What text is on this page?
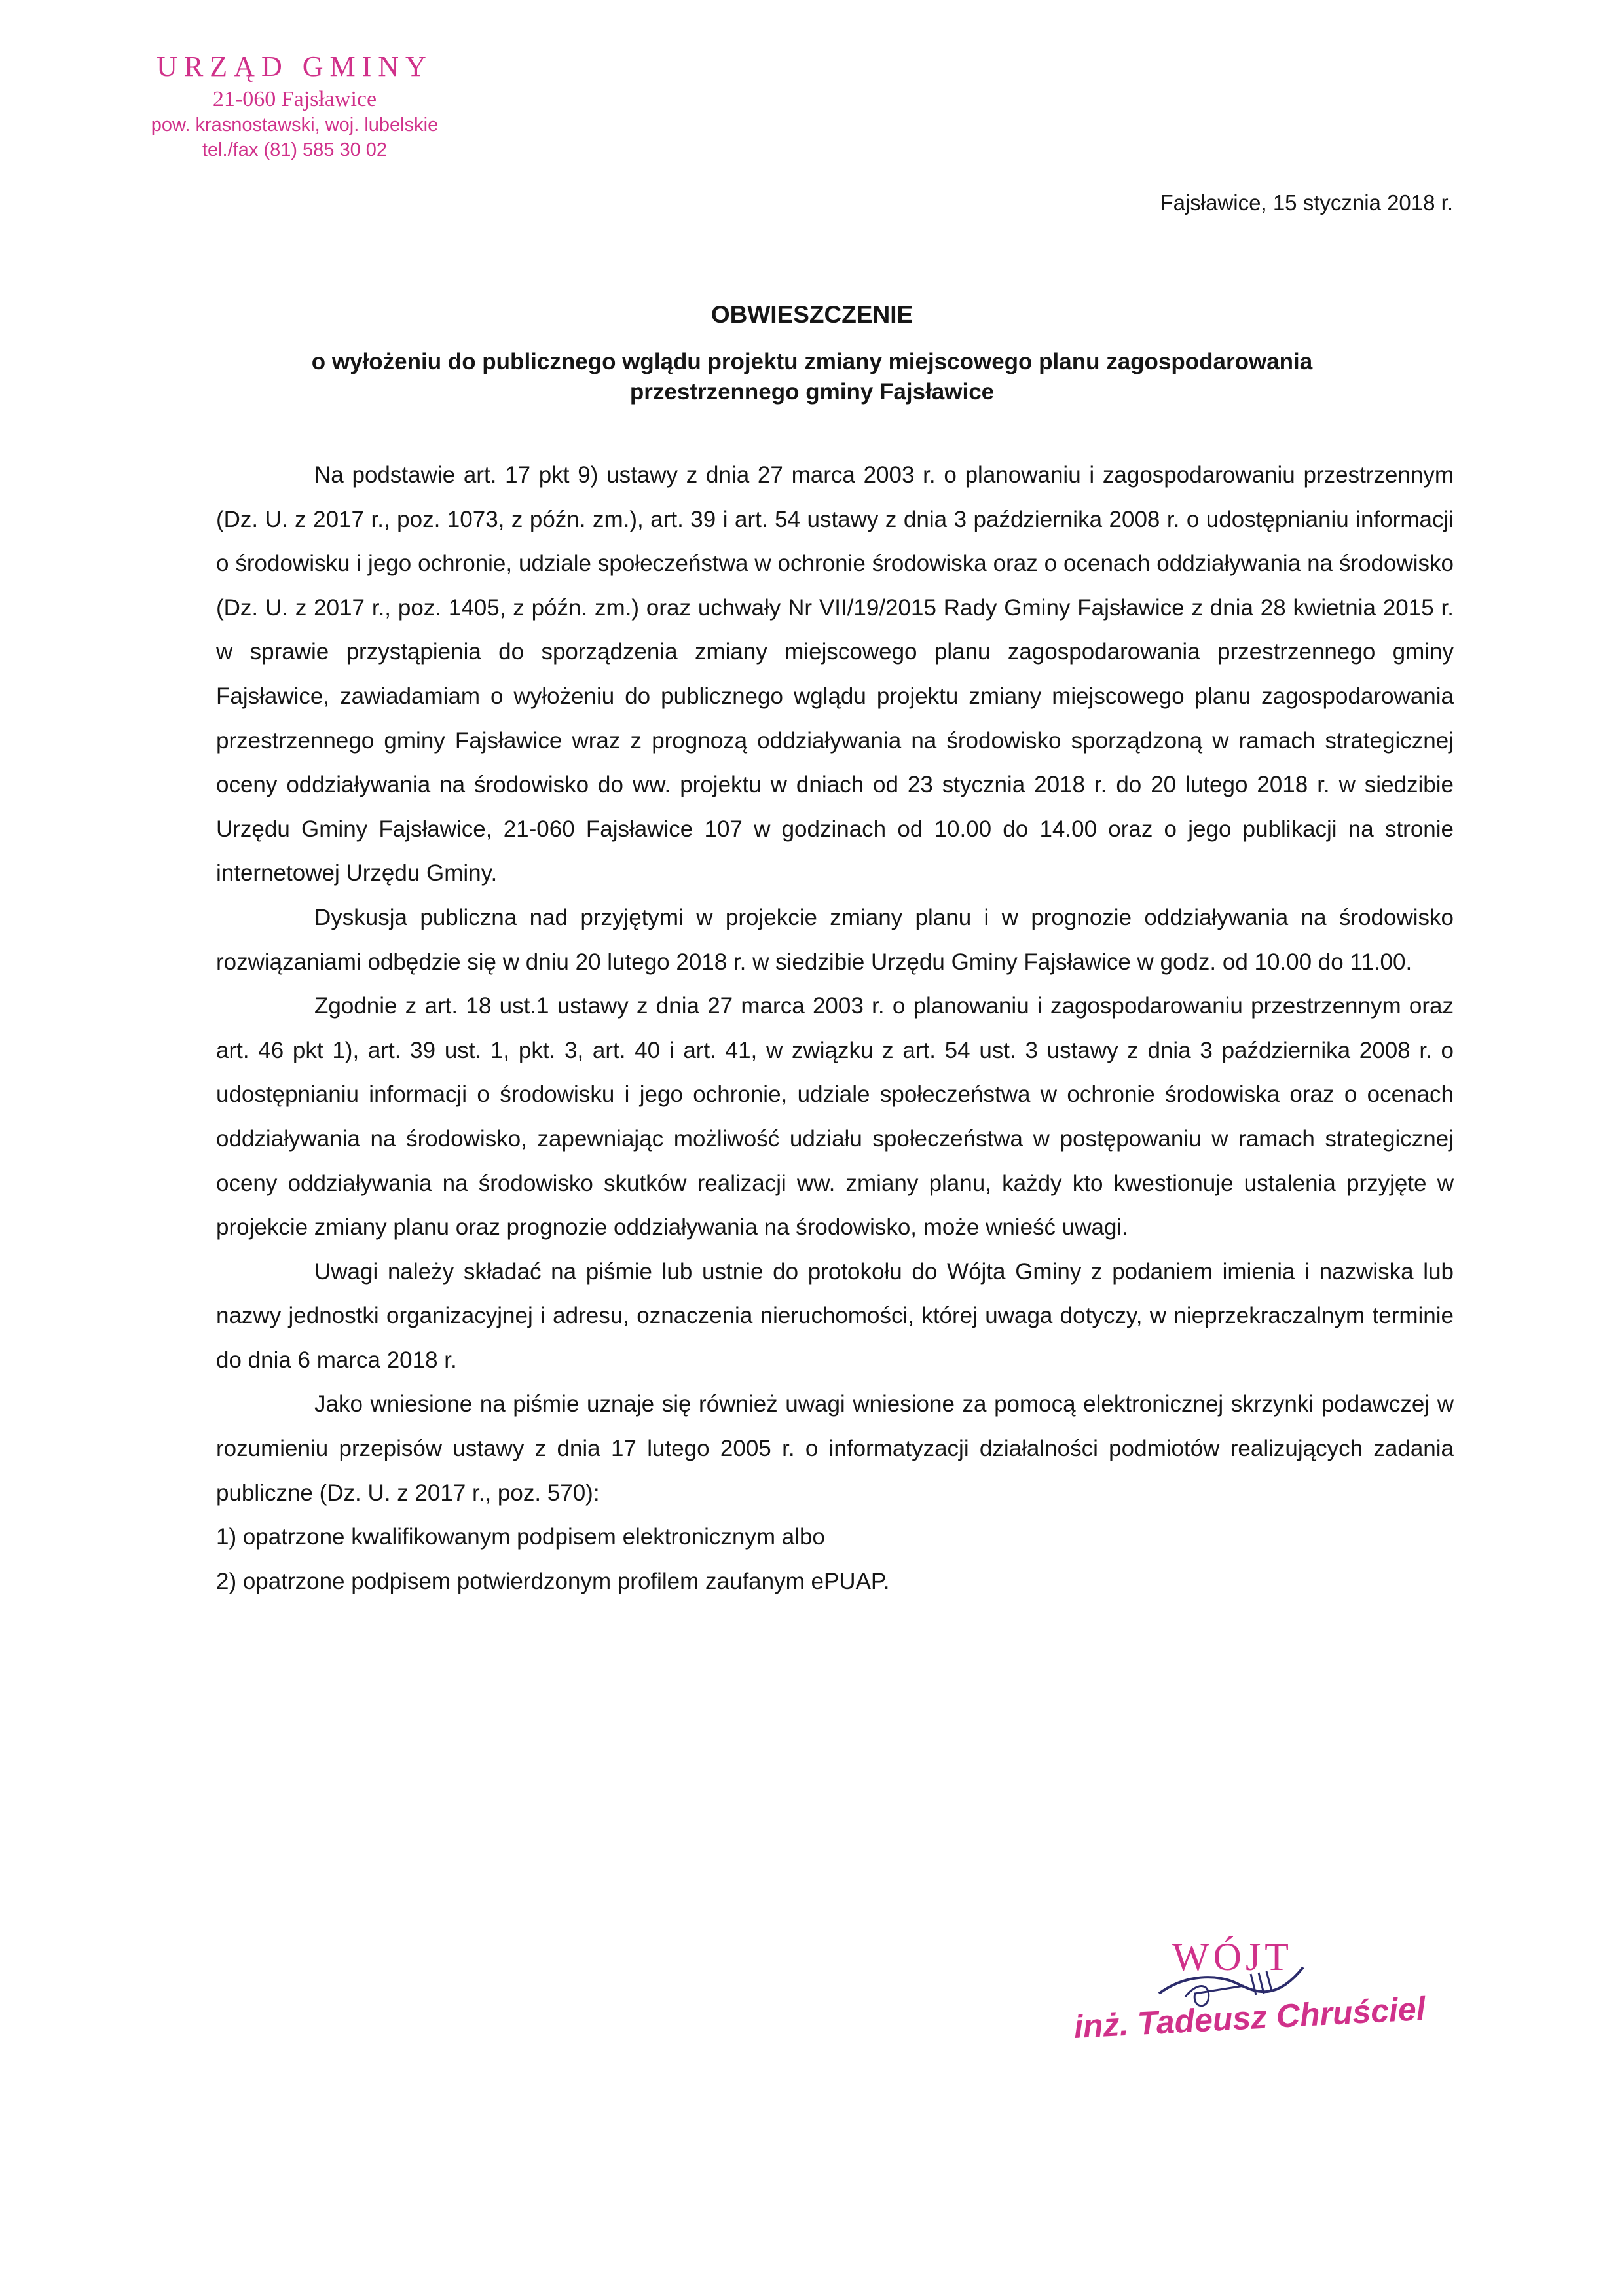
URZĄD GMINY
21-060 Fajsławice
pow. krasnostawski, woj. lubelskie
tel./fax (81) 585 30 02
Fajsławice, 15 stycznia 2018 r.
OBWIESZCZENIE
o wyłożeniu do publicznego wglądu projektu zmiany miejscowego planu zagospodarowania
przestrzennego gminy Fajsławice

Na podstawie art. 17 pkt 9) ustawy z dnia 27 marca 2003 r. o planowaniu i zagospodarowaniu przestrzennym (Dz. U. z 2017 r., poz. 1073, z późn. zm.), art. 39 i art. 54 ustawy z dnia 3 października 2008 r. o udostępnianiu informacji o środowisku i jego ochronie, udziale społeczeństwa w ochronie środowiska oraz o ocenach oddziaływania na środowisko (Dz. U. z 2017 r., poz. 1405, z późn. zm.) oraz uchwały Nr VII/19/2015 Rady Gminy Fajsławice z dnia 28 kwietnia 2015 r. w sprawie przystąpienia do sporządzenia zmiany miejscowego planu zagospodarowania przestrzennego gminy Fajsławice, zawiadamiam o wyłożeniu do publicznego wglądu projektu zmiany miejscowego planu zagospodarowania przestrzennego gminy Fajsławice wraz z prognozą oddziaływania na środowisko sporządzoną w ramach strategicznej oceny oddziaływania na środowisko do ww. projektu w dniach od 23 stycznia 2018 r. do 20 lutego 2018 r. w siedzibie Urzędu Gminy Fajsławice, 21-060 Fajsławice 107 w godzinach od 10.00 do 14.00 oraz o jego publikacji na stronie internetowej Urzędu Gminy.

Dyskusja publiczna nad przyjętymi w projekcie zmiany planu i w prognozie oddziaływania na środowisko rozwiązaniami odbędzie się w dniu 20 lutego 2018 r. w siedzibie Urzędu Gminy Fajsławice w godz. od 10.00 do 11.00.

Zgodnie z art. 18 ust.1 ustawy z dnia 27 marca 2003 r. o planowaniu i zagospodarowaniu przestrzennym oraz art. 46 pkt 1), art. 39 ust. 1, pkt. 3, art. 40 i art. 41, w związku z art. 54 ust. 3 ustawy z dnia 3 października 2008 r. o udostępnianiu informacji o środowisku i jego ochronie, udziale społeczeństwa w ochronie środowiska oraz o ocenach oddziaływania na środowisko, zapewniając możliwość udziału społeczeństwa w postępowaniu w ramach strategicznej oceny oddziaływania na środowisko skutków realizacji ww. zmiany planu, każdy kto kwestionuje ustalenia przyjęte w projekcie zmiany planu oraz prognozie oddziaływania na środowisko, może wnieść uwagi.

Uwagi należy składać na piśmie lub ustnie do protokołu do Wójta Gminy z podaniem imienia i nazwiska lub nazwy jednostki organizacyjnej i adresu, oznaczenia nieruchomości, której uwaga dotyczy, w nieprzekraczalnym terminie do dnia 6 marca 2018 r.

Jako wniesione na piśmie uznaje się również uwagi wniesione za pomocą elektronicznej skrzynki podawczej w rozumieniu przepisów ustawy z dnia 17 lutego 2005 r. o informatyzacji działalności podmiotów realizujących zadania publiczne (Dz. U. z 2017 r., poz. 570):

1) opatrzone kwalifikowanym podpisem elektronicznym albo

2) opatrzone podpisem potwierdzonym profilem zaufanym ePUAP.

WÓJT
inż. Tadeusz Chruściel
